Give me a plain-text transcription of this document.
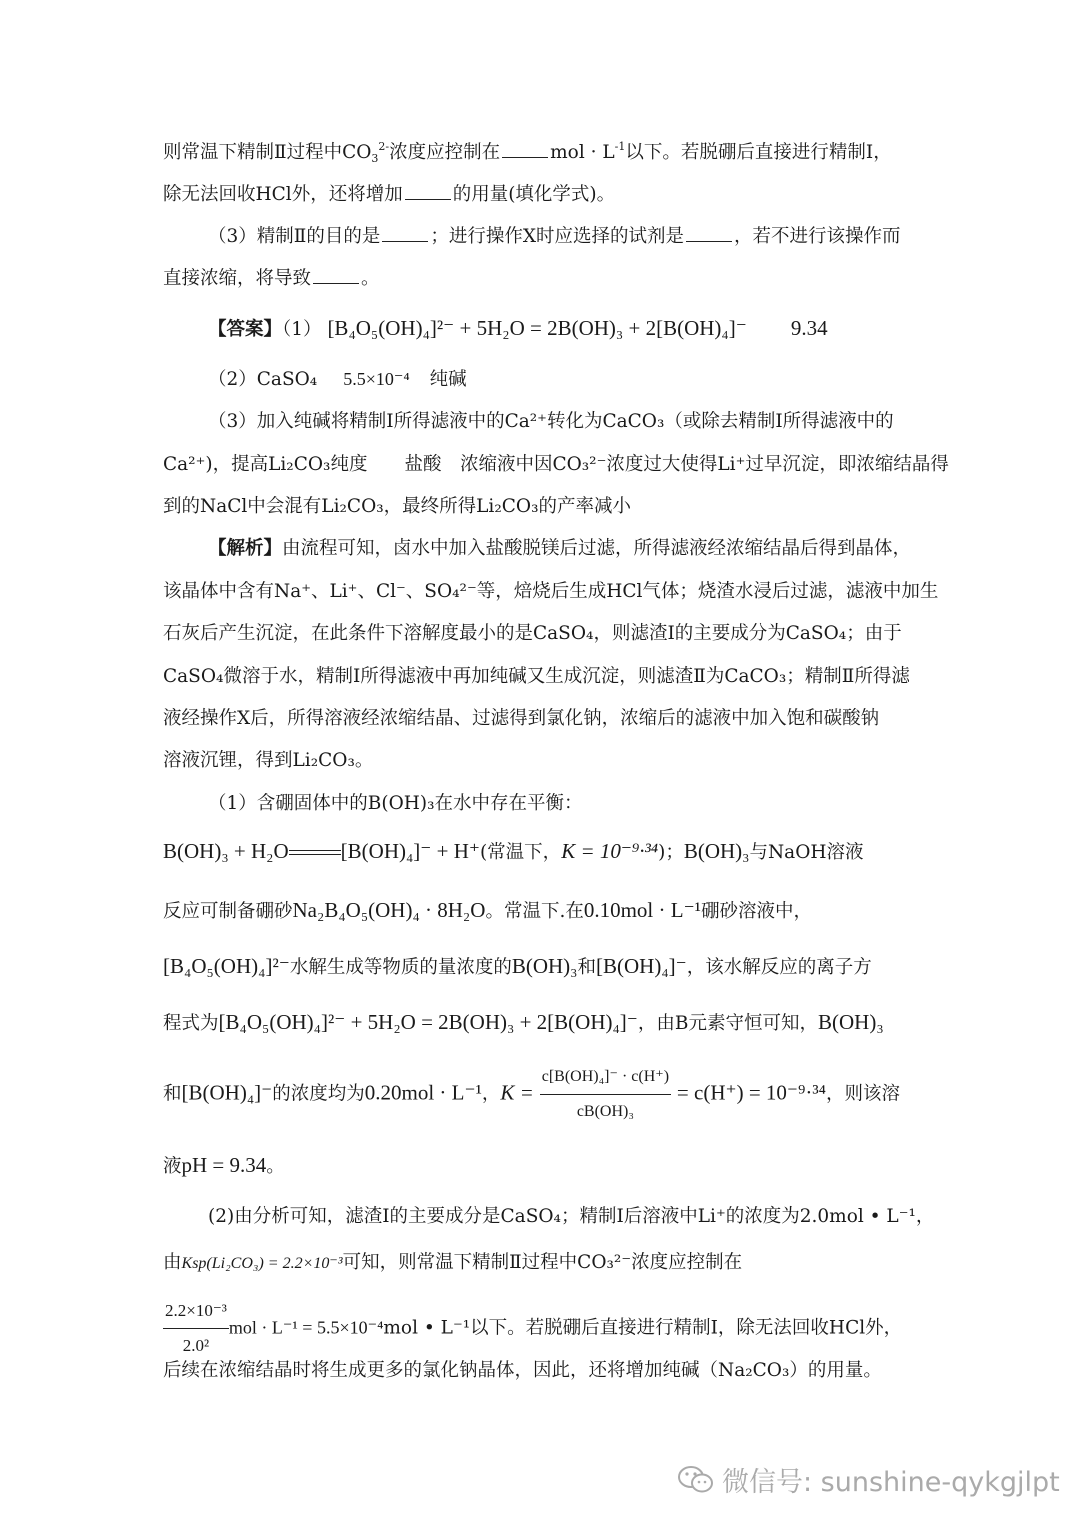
则常温下精制Ⅱ过程中$CO_3^{2-}$浓度应控制在	mol · $L^{-1}$以下。若脱硼后直接进行精制Ⅰ，
除无法回收HCl外，还将增加	的用量(填化学式)。
（3）精制Ⅱ的目的是	；进行操作X时应选择的试剂是	，若不进行该操作而
直接浓缩，将导致	。
【答案】（1） [B₄O₅(OH)₄]²⁻ + 5H₂O = 2B(OH)₃ + 2[B(OH)₄]⁻ 9.34
（2）CaSO₄ 5.5×10⁻⁴ 纯碱
（3）加入纯碱将精制Ⅰ所得滤液中的Ca²⁺转化为CaCO₃（或除去精制Ⅰ所得滤液中的
Ca²⁺)，提高Li₂CO₃纯度　　盐酸　浓缩液中因CO₃²⁻浓度过大使得Li⁺过早沉淀，即浓缩结晶得
到的NaCl中会混有Li₂CO₃，最终所得Li₂CO₃的产率减小
【解析】由流程可知，卤水中加入盐酸脱镁后过滤，所得滤液经浓缩结晶后得到晶体，
该晶体中含有Na⁺、Li⁺、Cl⁻、SO₄²⁻等，焙烧后生成HCl气体；烧渣水浸后过滤，滤液中加生
石灰后产生沉淀，在此条件下溶解度最小的是CaSO₄，则滤渣Ⅰ的主要成分为CaSO₄；由于
CaSO₄微溶于水，精制Ⅰ所得滤液中再加纯碱又生成沉淀，则滤渣Ⅱ为CaCO₃；精制Ⅱ所得滤
液经操作X后，所得溶液经浓缩结晶、过滤得到氯化钠，浓缩后的滤液中加入饱和碳酸钠
溶液沉锂，得到Li₂CO₃。
（1）含硼固体中的B(OH)₃在水中存在平衡：
B(OH)₃ + H₂O [B(OH)₄]⁻ + H⁺(常温下，K = 10⁻⁹·³⁴)；B(OH)₃与NaOH溶液
反应可制备硼砂Na₂B₄O₅(OH)₄ · 8H₂O。常温下.在0.10mol · L⁻¹硼砂溶液中，
[B₄O₅(OH)₄]²⁻水解生成等物质的量浓度的B(OH)₃和[B(OH)₄]⁻，该水解反应的离子方
程式为[B₄O₅(OH)₄]²⁻ + 5H₂O = 2B(OH)₃ + 2[B(OH)₄]⁻，由B元素守恒可知，B(OH)₃
和[B(OH)₄]⁻的浓度均为0.20mol · L⁻¹，$K = \frac{\text{c[B(OH)₄]⁻ · c(H⁺)}}{\text{cB(OH)₃}} = c(H^+) = 10^{-9}\cdot^{34}$，则该溶
液pH = 9.34。
(2)由分析可知，滤渣Ⅰ的主要成分是CaSO₄；精制Ⅰ后溶液中Li⁺的浓度为2.0mol • L⁻¹，
由Ksp(Li₂CO₃) = 2.2×10⁻³可知，则常温下精制Ⅱ过程中CO₃²⁻浓度应控制在
$\frac{\text{2.2×10⁻³}}{\text{2.0²}}$ mol · L⁻¹ = 5.5×10⁻⁴mol • L⁻¹以下。若脱硼后直接进行精制Ⅰ，除无法回收HCl外，
后续在浓缩结晶时将生成更多的氯化钠晶体，因此，还将增加纯碱（Na₂CO₃）的用量。
微信号: sunshine-qykgjlpt
